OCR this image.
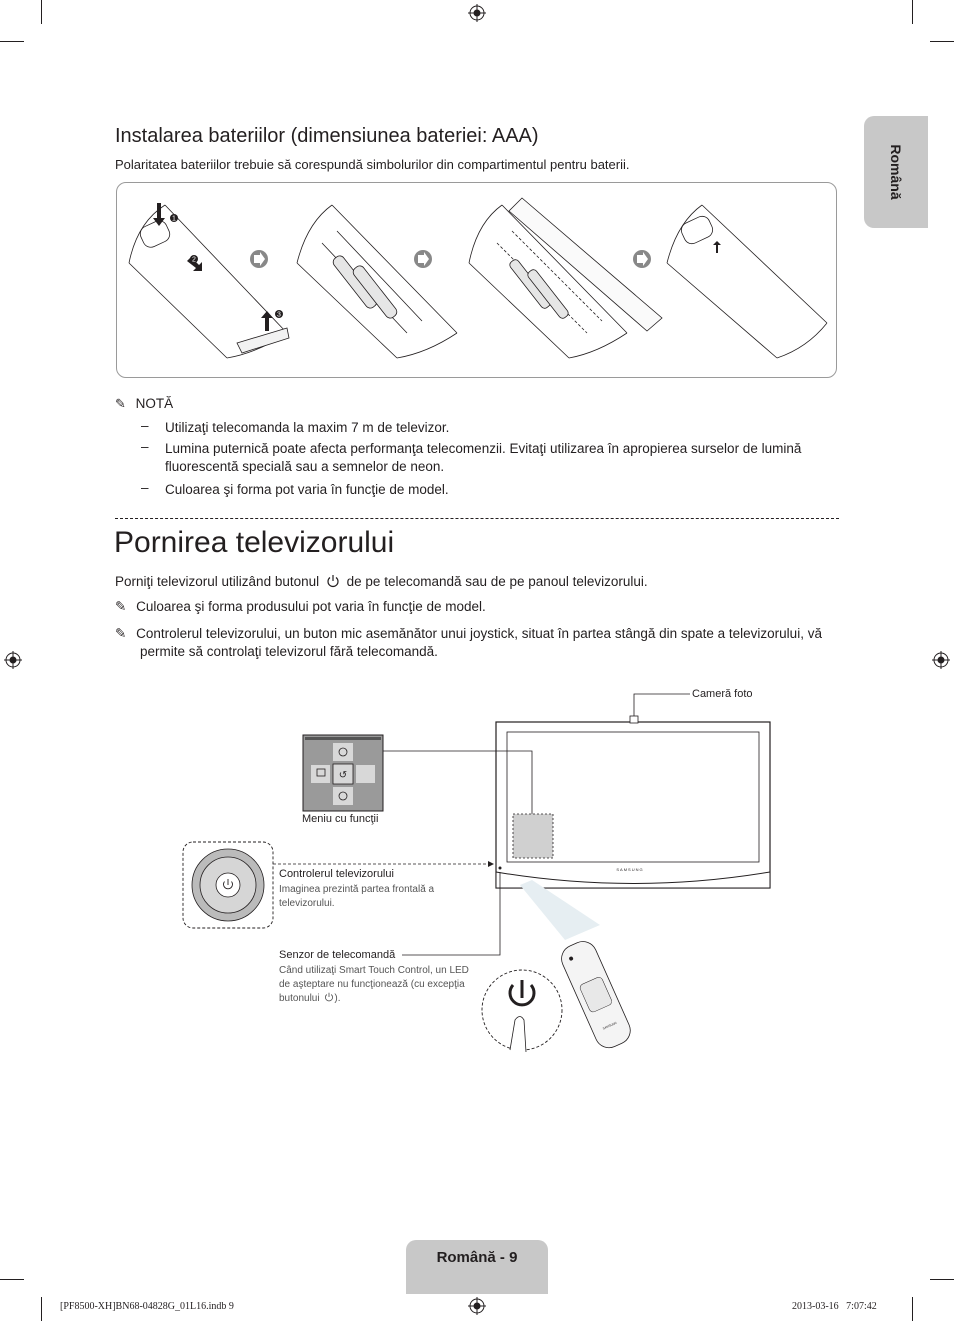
Română
Instalarea bateriilor (dimensiunea bateriei: AAA)
Polaritatea bateriilor trebuie să corespundă simbolurilor din compartimentul pentru baterii.
1
2
3
✎ NOTĂ
– Utilizaţi telecomanda la maxim 7 m de televizor.
– Lumina puternică poate afecta performanţa telecomenzii. Evitaţi utilizarea în apropierea surselor de lumină
fluorescentă specială sau a semnelor de neon.
– Culoarea şi forma pot varia în funcţie de model.
Pornirea televizorului
Porniţi televizorul utilizând butonul de pe telecomandă sau de pe panoul televizorului.
✎ Culoarea şi forma produsului pot varia în funcţie de model.
✎ Controlerul televizorului, un buton mic asemănător unui joystick, situat în partea stângă din spate a televizorului, vă
permite să controlaţi televizorul fără telecomandă.
SAMSUNG
↺
SAMSUNG
Cameră foto
Meniu cu funcţii
Controlerul televizorului
Imaginea prezintă partea frontală a
televizorului.
Senzor de telecomandă
Când utilizaţi Smart Touch Control, un LED
de aşteptare nu funcţionează (cu excepţia
butonului ).
Română - 9
[PF8500-XH]BN68-04828G_01L16.indb 9	2013-03-16   7:07:42
